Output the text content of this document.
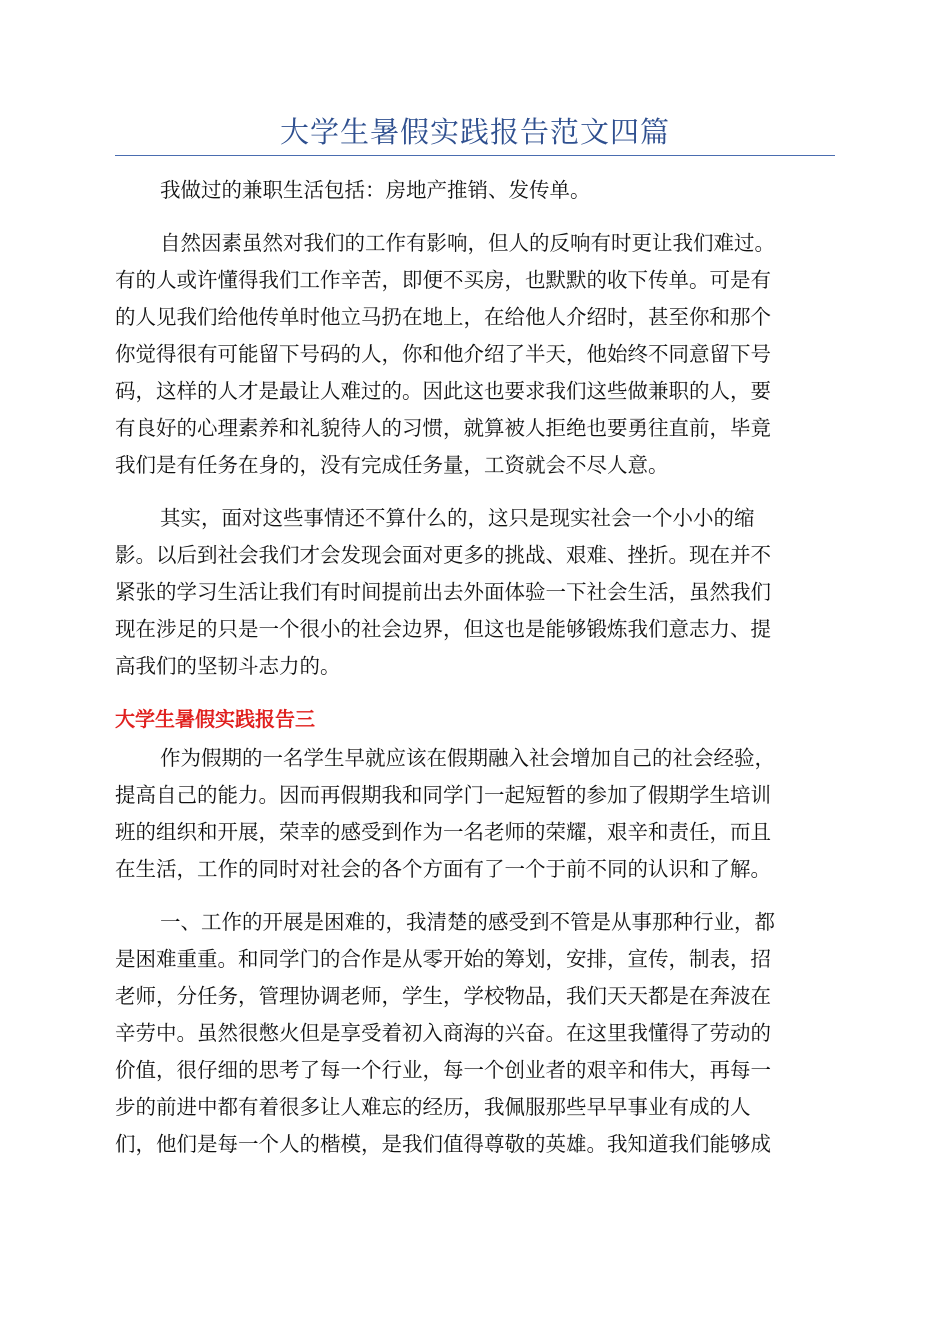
大学生暑假实践报告范文四篇

我做过的兼职生活包括：房地产推销、发传单。

自然因素虽然对我们的工作有影响，但人的反响有时更让我们难过。
有的人或许懂得我们工作辛苦，即便不买房，也默默的收下传单。可是有
的人见我们给他传单时他立马扔在地上，在给他人介绍时，甚至你和那个
你觉得很有可能留下号码的人，你和他介绍了半天，他始终不同意留下号
码，这样的人才是最让人难过的。因此这也要求我们这些做兼职的人，要
有良好的心理素养和礼貌待人的习惯，就算被人拒绝也要勇往直前，毕竟
我们是有任务在身的，没有完成任务量，工资就会不尽人意。

其实，面对这些事情还不算什么的，这只是现实社会一个小小的缩
影。以后到社会我们才会发现会面对更多的挑战、艰难、挫折。现在并不
紧张的学习生活让我们有时间提前出去外面体验一下社会生活，虽然我们
现在涉足的只是一个很小的社会边界，但这也是能够锻炼我们意志力、提
高我们的坚韧斗志力的。

大学生暑假实践报告三

作为假期的一名学生早就应该在假期融入社会增加自己的社会经验，
提高自己的能力。因而再假期我和同学门一起短暂的参加了假期学生培训
班的组织和开展，荣幸的感受到作为一名老师的荣耀，艰辛和责任，而且
在生活，工作的同时对社会的各个方面有了一个于前不同的认识和了解。

一、工作的开展是困难的，我清楚的感受到不管是从事那种行业，都
是困难重重。和同学门的合作是从零开始的筹划，安排，宣传，制表，招
老师，分任务，管理协调老师，学生，学校物品，我们天天都是在奔波在
辛劳中。虽然很憋火但是享受着初入商海的兴奋。在这里我懂得了劳动的
价值，很仔细的思考了每一个行业，每一个创业者的艰辛和伟大，再每一
步的前进中都有着很多让人难忘的经历，我佩服那些早早事业有成的人
们，他们是每一个人的楷模，是我们值得尊敬的英雄。我知道我们能够成
